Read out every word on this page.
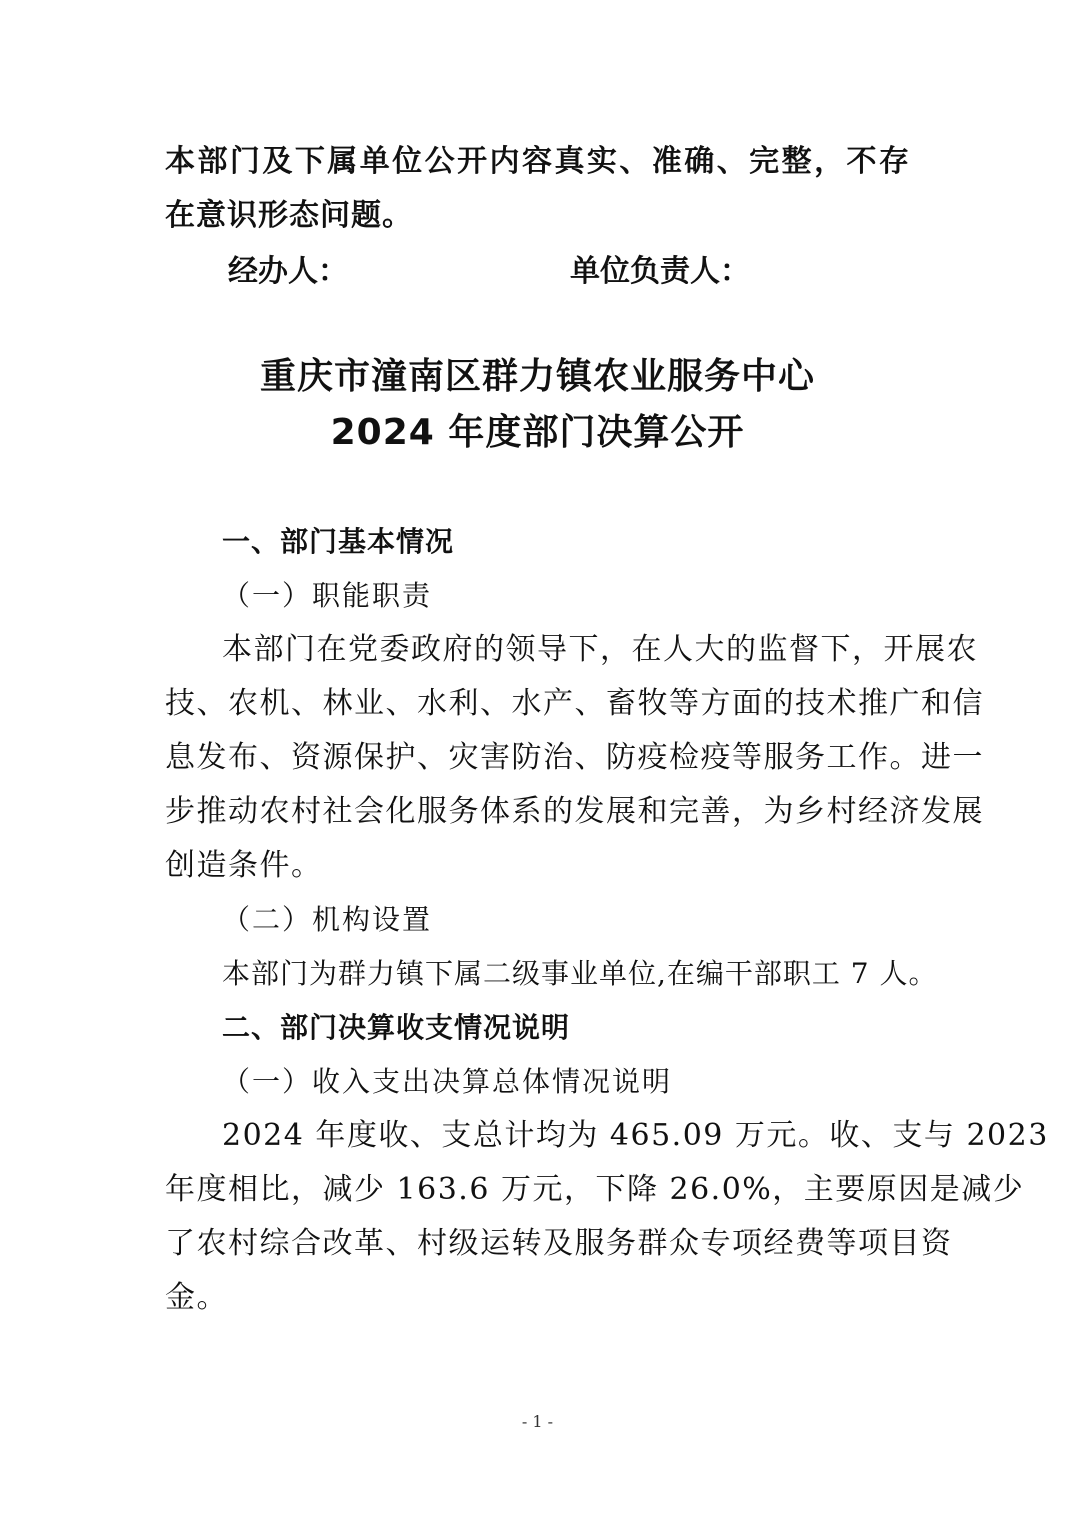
本部门及下属单位公开内容真实、准确、完整，不存
在意识形态问题。
经办人：	单位负责人：
重庆市潼南区群力镇农业服务中心
2024 年度部门决算公开
一、部门基本情况
（一）职能职责
本部门在党委政府的领导下，在人大的监督下，开展农
技、农机、林业、水利、水产、畜牧等方面的技术推广和信
息发布、资源保护、灾害防治、防疫检疫等服务工作。进一
步推动农村社会化服务体系的发展和完善，为乡村经济发展
创造条件。
（二）机构设置
本部门为群力镇下属二级事业单位,在编干部职工 7 人。
二、部门决算收支情况说明
（一）收入支出决算总体情况说明
2024 年度收、支总计均为 465.09 万元。收、支与 2023
年度相比，减少 163.6 万元，下降 26.0%，主要原因是减少
了农村综合改革、村级运转及服务群众专项经费等项目资
金。
- 1 -
